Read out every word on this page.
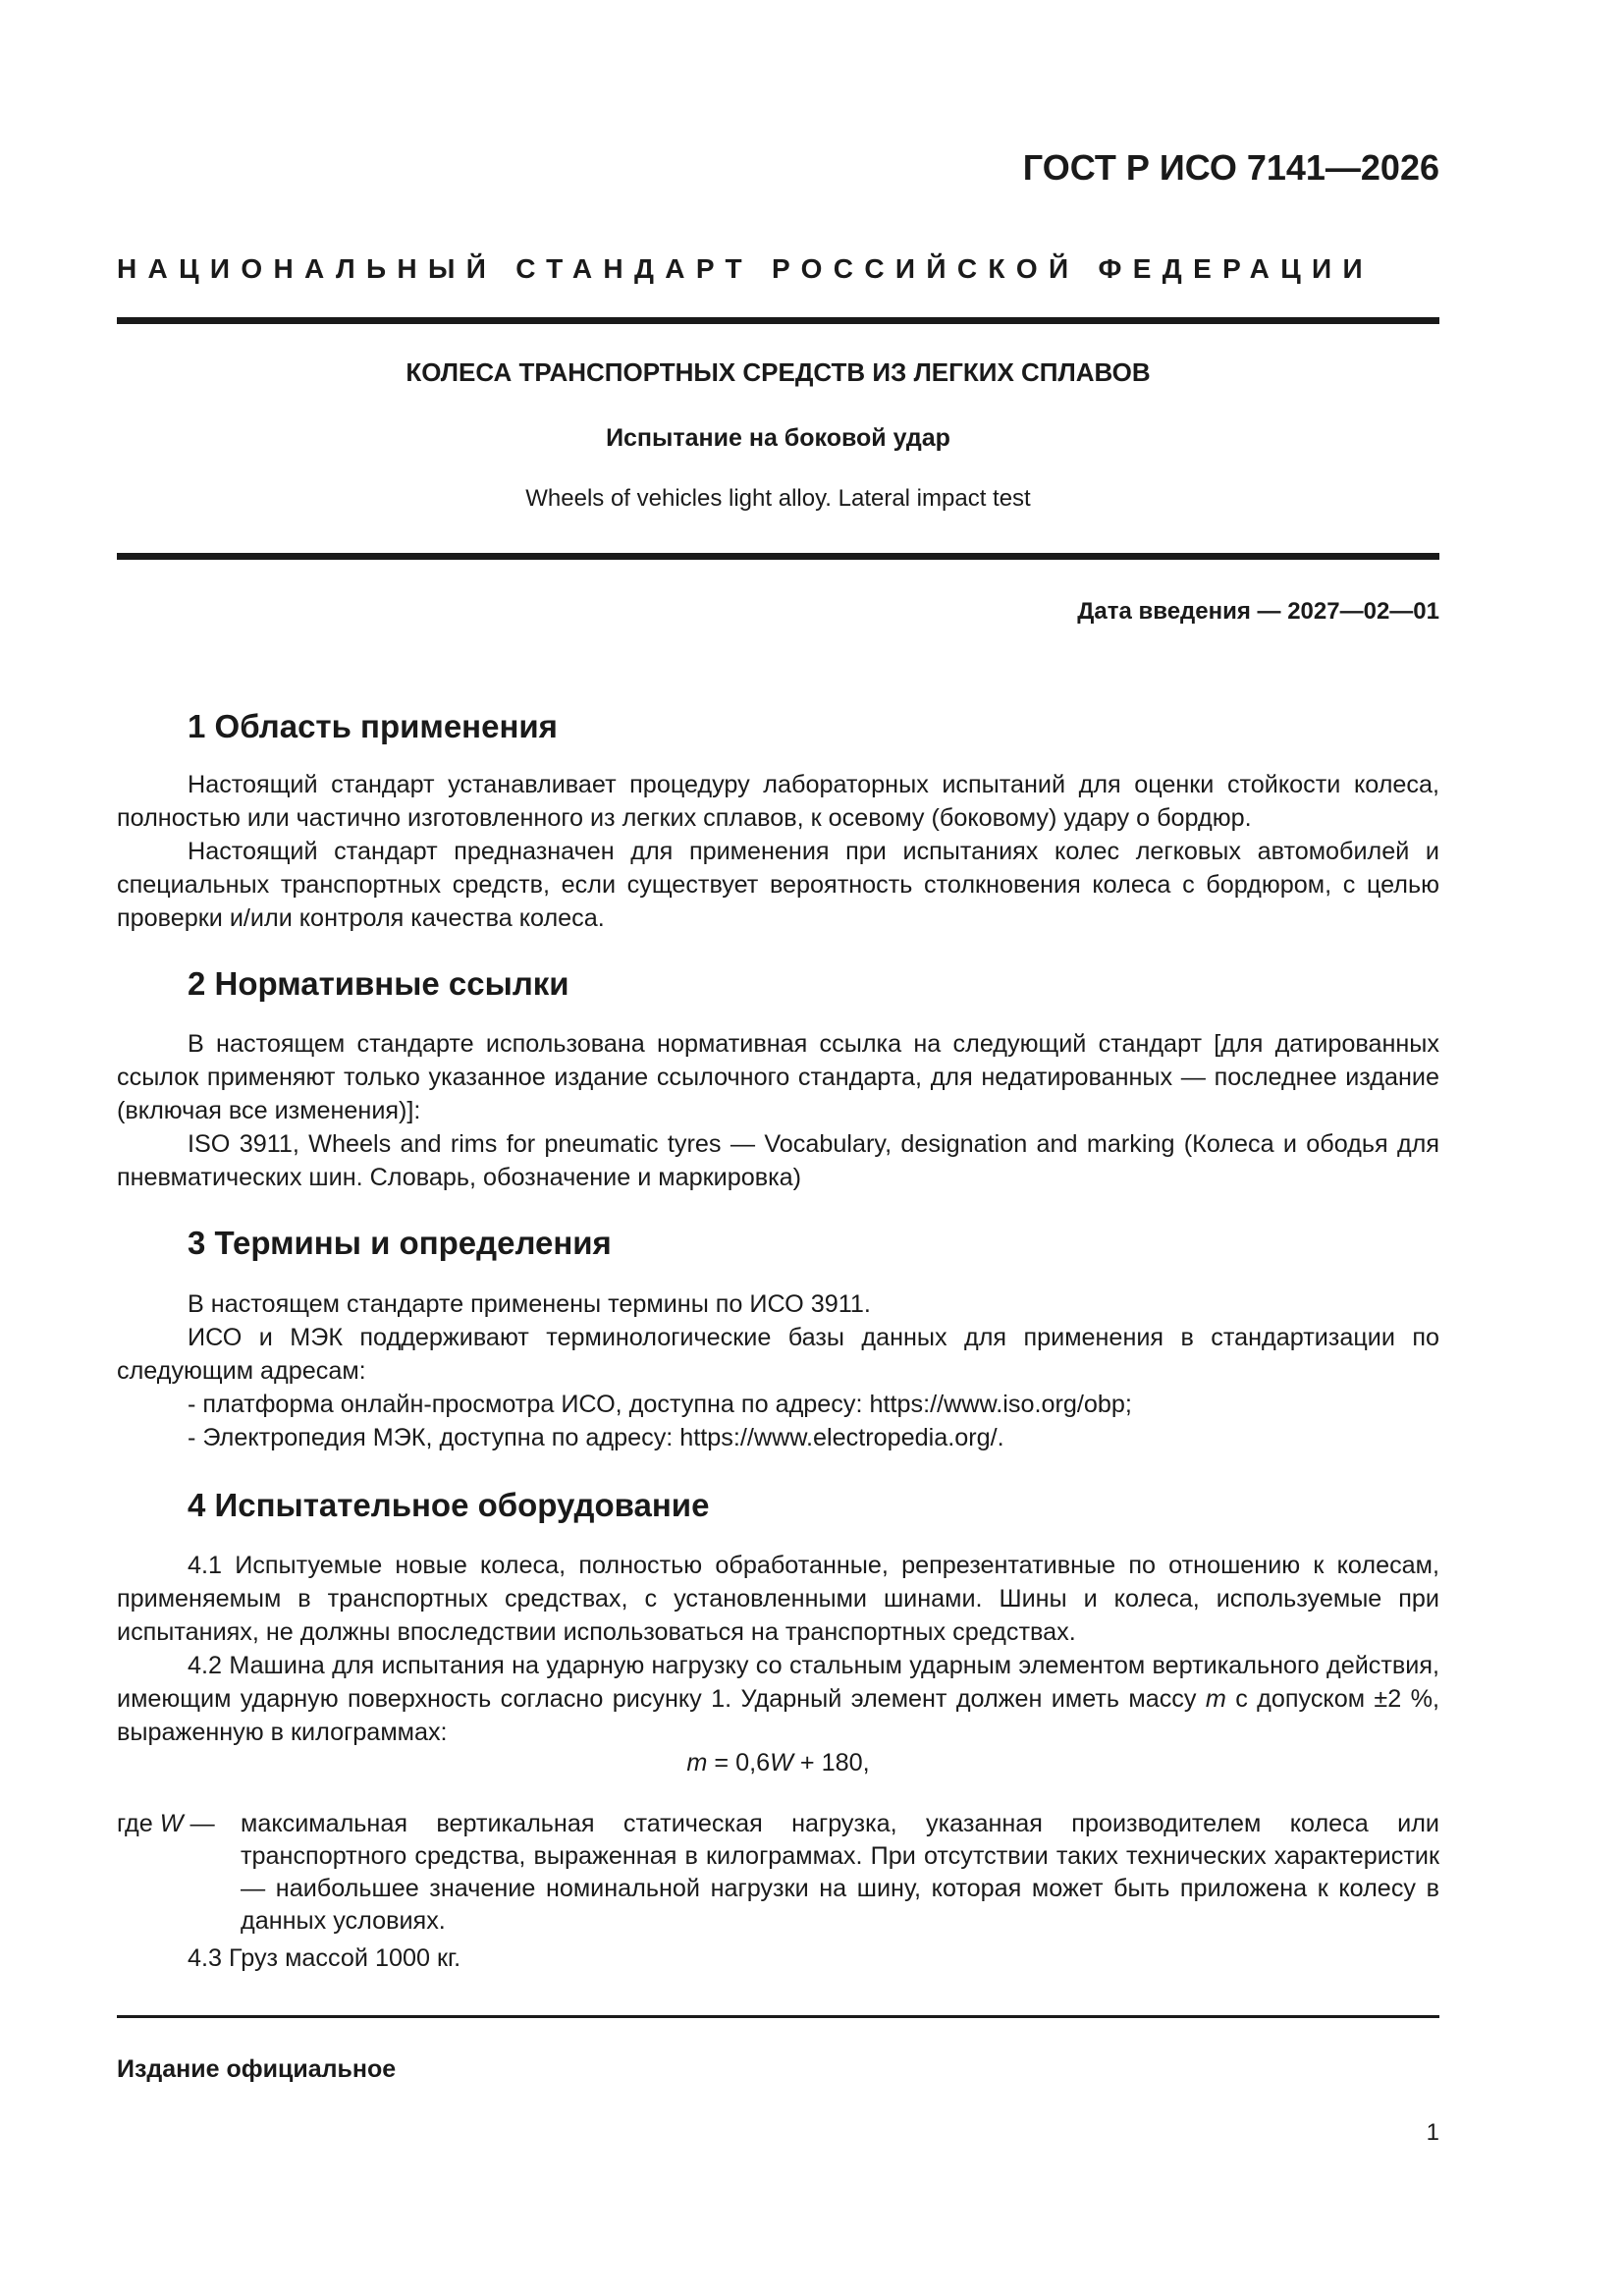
ГОСТ Р ИСО 7141—2026
НАЦИОНАЛЬНЫЙ СТАНДАРТ РОССИЙСКОЙ ФЕДЕРАЦИИ
КОЛЕСА ТРАНСПОРТНЫХ СРЕДСТВ ИЗ ЛЕГКИХ СПЛАВОВ
Испытание на боковой удар
Wheels of vehicles light alloy. Lateral impact test
Дата введения — 2027—02—01
1 Область применения

Настоящий стандарт устанавливает процедуру лабораторных испытаний для оценки стойкости колеса, полностью или частично изготовленного из легких сплавов, к осевому (боковому) удару о бордюр.

Настоящий стандарт предназначен для применения при испытаниях колес легковых автомобилей и специальных транспортных средств, если существует вероятность столкновения колеса с бордюром, с целью проверки и/или контроля качества колеса.

2 Нормативные ссылки

В настоящем стандарте использована нормативная ссылка на следующий стандарт [для датированных ссылок применяют только указанное издание ссылочного стандарта, для недатированных — последнее издание (включая все изменения)]:

ISO 3911, Wheels and rims for pneumatic tyres — Vocabulary, designation and marking (Колеса и ободья для пневматических шин. Словарь, обозначение и маркировка)

3 Термины и определения

В настоящем стандарте применены термины по ИСО 3911.

ИСО и МЭК поддерживают терминологические базы данных для применения в стандартизации по следующим адресам:

- платформа онлайн-просмотра ИСО, доступна по адресу: https://www.iso.org/obp;

- Электропедия МЭК, доступна по адресу: https://www.electropedia.org/.

4 Испытательное оборудование

4.1 Испытуемые новые колеса, полностью обработанные, репрезентативные по отношению к колесам, применяемым в транспортных средствах, с установленными шинами. Шины и колеса, используемые при испытаниях, не должны впоследствии использоваться на транспортных средствах.

4.2 Машина для испытания на ударную нагрузку со стальным ударным элементом вертикального действия, имеющим ударную поверхность согласно рисунку 1. Ударный элемент должен иметь массу m с допуском ±2 %, выраженную в килограммах:

m = 0,6W + 180,
где W — максимальная вертикальная статическая нагрузка, указанная производителем колеса или транспортного средства, выраженная в килограммах. При отсутствии таких технических характеристик — наибольшее значение номинальной нагрузки на шину, которая может быть приложена к колесу в данных условиях.

4.3 Груз массой 1000 кг.

Издание официальное
1
